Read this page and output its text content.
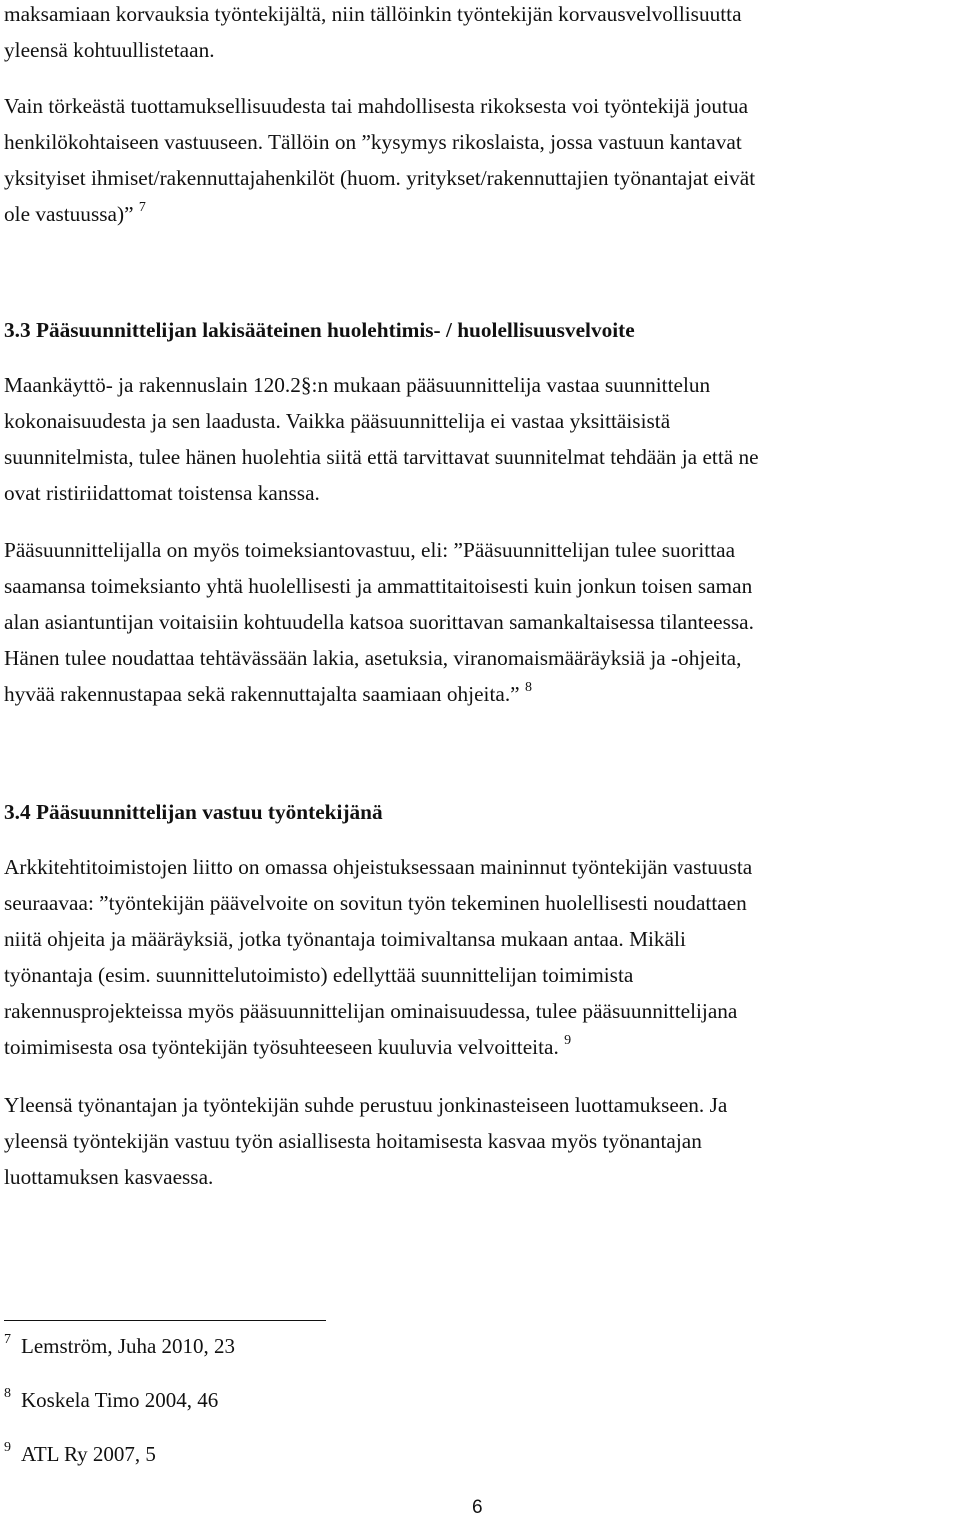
maksamiaan korvauksia työntekijältä, niin tällöinkin työntekijän korvausvelvollisuutta
yleensä kohtuullistetaan.
Vain törkeästä tuottamuksellisuudesta tai mahdollisesta rikoksesta voi työntekijä joutua
henkilökohtaiseen vastuuseen. Tällöin on ”kysymys rikoslaista, jossa vastuun kantavat
yksityiset ihmiset/rakennuttajahenkilöt (huom. yritykset/rakennuttajien työnantajat eivät
ole vastuussa)” $^7$
3.3 Pääsuunnittelijan lakisääteinen huolehtimis- / huolellisuusvelvoite
Maankäyttö- ja rakennuslain 120.2§:n mukaan pääsuunnittelija vastaa suunnittelun
kokonaisuudesta ja sen laadusta. Vaikka pääsuunnittelija ei vastaa yksittäisistä
suunnitelmista, tulee hänen huolehtia siitä että tarvittavat suunnitelmat tehdään ja että ne
ovat ristiriidattomat toistensa kanssa.
Pääsuunnittelijalla on myös toimeksiantovastuu, eli: ”Pääsuunnittelijan tulee suorittaa
saamansa toimeksianto yhtä huolellisesti ja ammattitaitoisesti kuin jonkun toisen saman
alan asiantuntijan voitaisiin kohtuudella katsoa suorittavan samankaltaisessa tilanteessa.
Hänen tulee noudattaa tehtävässään lakia, asetuksia, viranomaismääräyksiä ja -ohjeita,
hyvää rakennustapaa sekä rakennuttajalta saamiaan ohjeita.” $^8$
3.4 Pääsuunnittelijan vastuu työntekijänä
Arkkitehtitoimistojen liitto on omassa ohjeistuksessaan maininnut työntekijän vastuusta
seuraavaa: ”työntekijän päävelvoite on sovitun työn tekeminen huolellisesti noudattaen
niitä ohjeita ja määräyksiä, jotka työnantaja toimivaltansa mukaan antaa. Mikäli
työnantaja (esim. suunnittelutoimisto) edellyttää suunnittelijan toimimista
rakennusprojekteissa myös pääsuunnittelijan ominaisuudessa, tulee pääsuunnittelijana
toimimisesta osa työntekijän työsuhteeseen kuuluvia velvoitteita. $^9$
Yleensä työnantajan ja työntekijän suhde perustuu jonkinasteiseen luottamukseen. Ja
yleensä työntekijän vastuu työn asiallisesta hoitamisesta kasvaa myös työnantajan
luottamuksen kasvaessa.
$^7$ Lemström, Juha 2010, 23
$^8$ Koskela Timo 2004, 46
$^9$ ATL Ry 2007, 5
6
